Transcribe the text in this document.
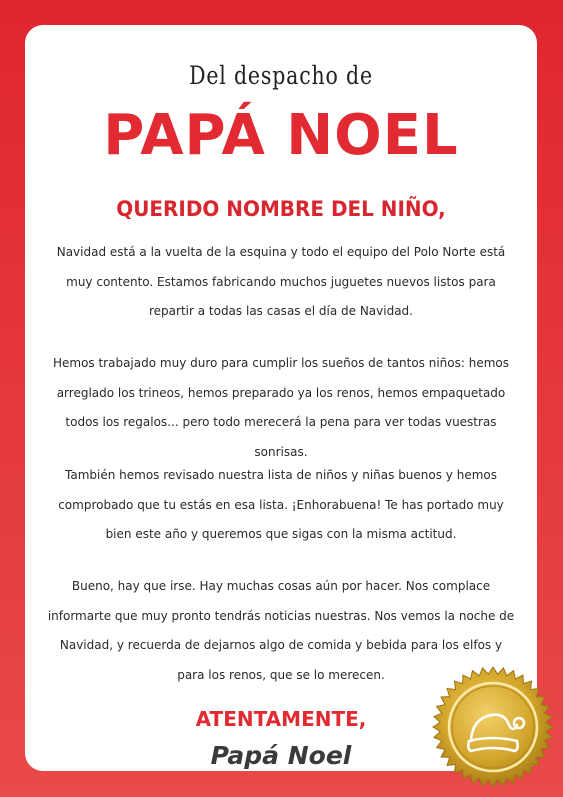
Del despacho de
PAPÁ NOEL
QUERIDO NOMBRE DEL NIÑO,

Navidad está a la vuelta de la esquina y todo el equipo del Polo Norte está muy contento. Estamos fabricando muchos juguetes nuevos listos para repartir a todas las casas el día de Navidad.

Hemos trabajado muy duro para cumplir los sueños de tantos niños: hemos arreglado los trineos, hemos preparado ya los renos, hemos empaquetado todos los regalos... pero todo merecerá la pena para ver todas vuestras sonrisas.

También hemos revisado nuestra lista de niños y niñas buenos y hemos comprobado que tu estás en esa lista. ¡Enhorabuena! Te has portado muy bien este año y queremos que sigas con la misma actitud.

Bueno, hay que irse. Hay muchas cosas aún por hacer. Nos complace informarte que muy pronto tendrás noticias nuestras. Nos vemos la noche de Navidad, y recuerda de dejarnos algo de comida y bebida para los elfos y para los renos, que se lo merecen.

ATENTAMENTE,
Papá Noel
